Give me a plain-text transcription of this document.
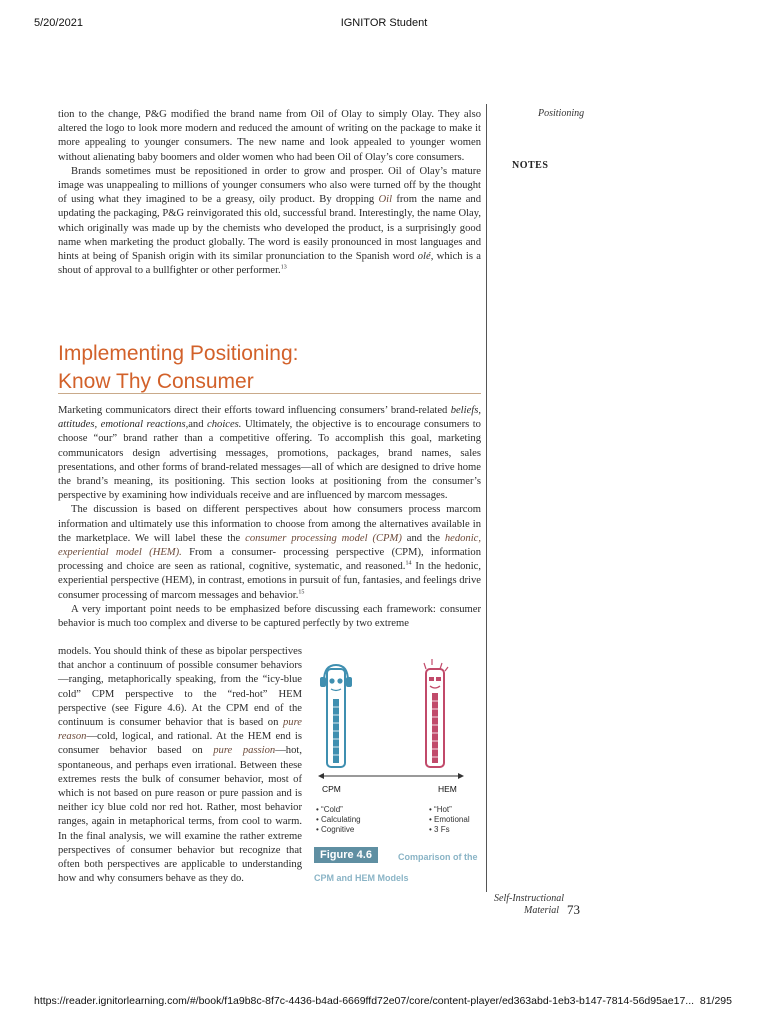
5/20/2021	IGNITOR Student

tion to the change, P&G modified the brand name from Oil of Olay to simply Olay. They also altered the logo to look more modern and reduced the amount of writing on the package to make it more appealing to younger consumers. The new name and look appealed to younger women without alienating baby boomers and older women who had been Oil of Olay’s core consumers.

Brands sometimes must be repositioned in order to grow and prosper. Oil of Olay’s mature image was unappealing to millions of younger consumers who also were turned off by the thought of using what they imagined to be a greasy, oily product. By dropping Oil from the name and updating the packaging, P&G reinvigorated this old, successful brand. Interestingly, the name Olay, which originally was made up by the chemists who developed the product, is a surprisingly good name when marketing the product globally. The word is easily pronounced in most languages and hints at being of Spanish origin with its similar pronunciation to the Spanish word olé, which is a shout of approval to a bullfighter or other performer.$^{13}$

Positioning
NOTES
Implementing Positioning:
Know Thy Consumer

Marketing communicators direct their efforts toward influencing consumers’ brand-related beliefs, attitudes, emotional reactions,and choices. Ultimately, the objective is to encourage consumers to choose “our” brand rather than a competitive offering. To accomplish this goal, marketing communicators design advertising messages, promotions, packages, brand names, sales presentations, and other forms of brand-related messages—all of which are designed to drive home the brand’s meaning, its positioning. This section looks at positioning from the consumer’s perspective by examining how individuals receive and are influenced by marcom messages.

The discussion is based on different perspectives about how consumers process marcom information and ultimately use this information to choose from among the alternatives available in the marketplace. We will label these the consumer processing model (CPM) and the hedonic, experiential model (HEM). From a consumer- processing perspective (CPM), information processing and choice are seen as rational, cognitive, systematic, and reasoned.$^{14}$ In the hedonic, experiential perspective (HEM), in contrast, emotions in pursuit of fun, fantasies, and feelings drive consumer processing of marcom messages and behavior.$^{15}$

A very important point needs to be emphasized before discussing each framework: consumer behavior is much too complex and diverse to be captured perfectly by two extreme

models. You should think of these as bipolar perspectives that anchor a continuum of possible consumer behaviors—ranging, metaphorically speaking, from the “icy-blue cold” CPM perspective to the “red-hot” HEM perspective (see Figure 4.6). At the CPM end of the continuum is consumer behavior that is based on pure reason—cold, logical, and rational. At the HEM end is consumer behavior based on pure passion—hot, spontaneous, and perhaps even irrational. Between these extremes rests the bulk of consumer behavior, most of which is not based on pure reason or pure passion and is neither icy blue cold nor red hot. Rather, most behavior ranges, again in metaphorical terms, from cool to warm. In the final analysis, we will examine the rather extreme perspectives of consumer behavior but recognize that often both perspectives are applicable to understanding how and why consumers behave as they do.

CPM	HEM
• “Cold”
• Calculating
• Cognitive
• “Hot”
• Emotional
• 3 Fs
Figure 4.6	Comparison of the
CPM and HEM Models
Self-Instructional
Material 73
https://reader.ignitorlearning.com/#/book/f1a9b8c-8f7c-4436-b4ad-6669ffd72e07/core/content-player/ed363abd-1eb3-b147-7814-56d95ae17... 81/295
